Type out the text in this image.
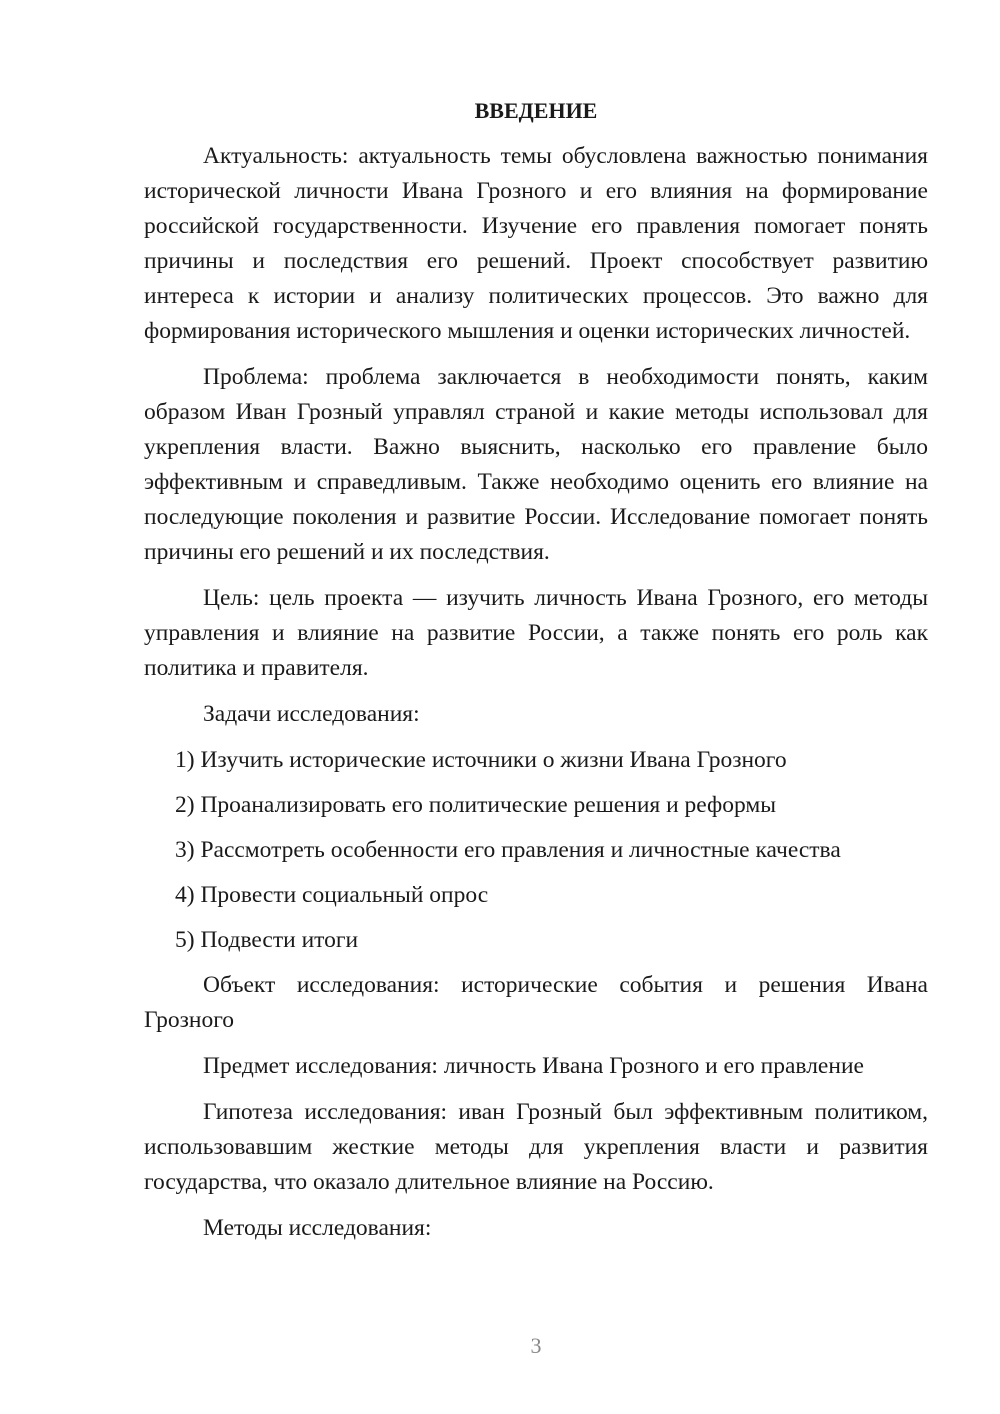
ВВЕДЕНИЕ

Актуальность: актуальность темы обусловлена важностью понимания исторической личности Ивана Грозного и его влияния на формирование российской государственности. Изучение его правления помогает понять причины и последствия его решений. Проект способствует развитию интереса к истории и анализу политических процессов. Это важно для формирования исторического мышления и оценки исторических личностей.

Проблема: проблема заключается в необходимости понять, каким образом Иван Грозный управлял страной и какие методы использовал для укрепления власти. Важно выяснить, насколько его правление было эффективным и справедливым. Также необходимо оценить его влияние на последующие поколения и развитие России. Исследование помогает понять причины его решений и их последствия.

Цель: цель проекта — изучить личность Ивана Грозного, его методы управления и влияние на развитие России, а также понять его роль как политика и правителя.

Задачи исследования:

1) Изучить исторические источники о жизни Ивана Грозного
2) Проанализировать его политические решения и реформы
3) Рассмотреть особенности его правления и личностные качества
4) Провести социальный опрос
5) Подвести итоги

Объект исследования: исторические события и решения Ивана Грозного

Предмет исследования: личность Ивана Грозного и его правление

Гипотеза исследования: иван Грозный был эффективным политиком, использовавшим жесткие методы для укрепления власти и развития государства, что оказало длительное влияние на Россию.

Методы исследования:

3
